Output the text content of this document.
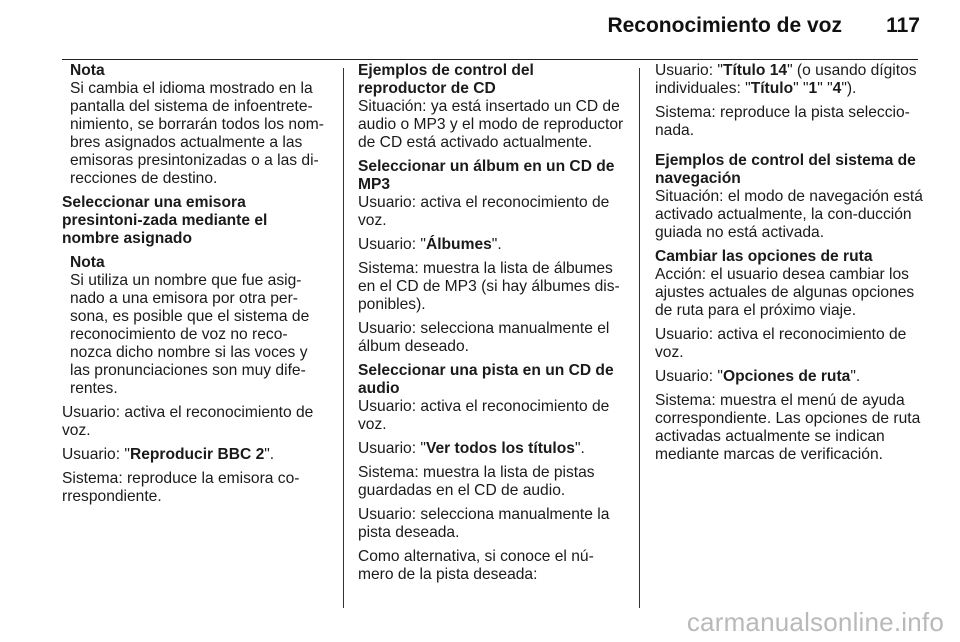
Reconocimiento de voz 117
Nota
Si cambia el idioma mostrado en la pantalla del sistema de infoentrete-nimiento, se borrarán todos los nom-bres asignados actualmente a las emisoras presintonizadas o a las di-recciones de destino.

Seleccionar una emisora presintoni-zada mediante el nombre asignado

Nota
Si utiliza un nombre que fue asig-nado a una emisora por otra per-sona, es posible que el sistema de reconocimiento de voz no reco-nozca dicho nombre si las voces y las pronunciaciones son muy dife-rentes.

Usuario: activa el reconocimiento de voz.

Usuario: "Reproducir BBC 2".

Sistema: reproduce la emisora co-rrespondiente.

Ejemplos de control del reproductor de CD

Situación: ya está insertado un CD de audio o MP3 y el modo de reproductor de CD está activado actualmente.

Seleccionar un álbum en un CD de MP3

Usuario: activa el reconocimiento de voz.

Usuario: "Álbumes".

Sistema: muestra la lista de álbumes en el CD de MP3 (si hay álbumes dis-ponibles).

Usuario: selecciona manualmente el álbum deseado.

Seleccionar una pista en un CD de audio

Usuario: activa el reconocimiento de voz.

Usuario: "Ver todos los títulos".

Sistema: muestra la lista de pistas guardadas en el CD de audio.

Usuario: selecciona manualmente la pista deseada.

Como alternativa, si conoce el nú-mero de la pista deseada:

Usuario: "Título 14" (o usando dígitos individuales: "Título" "1" "4").

Sistema: reproduce la pista seleccio-nada.

Ejemplos de control del sistema de navegación

Situación: el modo de navegación está activado actualmente, la con-ducción guiada no está activada.

Cambiar las opciones de ruta

Acción: el usuario desea cambiar los ajustes actuales de algunas opciones de ruta para el próximo viaje.

Usuario: activa el reconocimiento de voz.

Usuario: "Opciones de ruta".

Sistema: muestra el menú de ayuda correspondiente. Las opciones de ruta activadas actualmente se indican mediante marcas de verificación.

carmanualsonline.info
